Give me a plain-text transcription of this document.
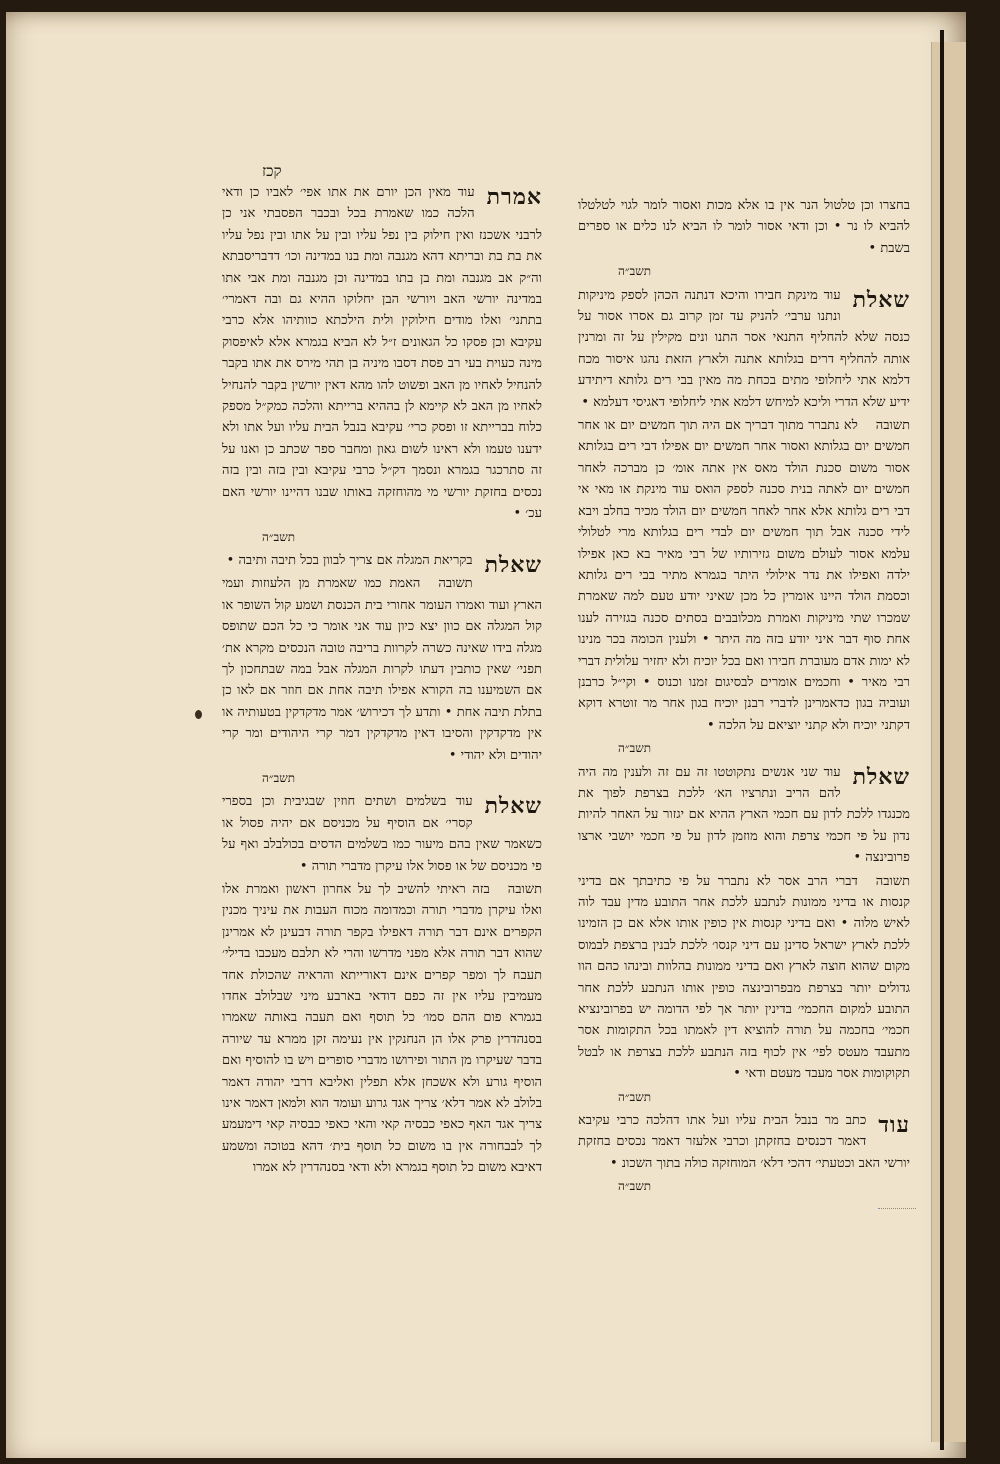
קכז
אמרת

עוד מאין הכן יורם את אתו אפי׳ לאביו כן ודאי הלכה כמו שאמרת בכל ובכבר הפסבתי אני כן לרבני אשכנז ואין חילוק בין נפל עליו ובין על אתו ובין נפל עליו את בת בת ובריתא דהא מגנבה ומת בנו במדינה וכו׳ דדבריסבתא וה״ק אב מגנבה ומת בן בתו במדינה וכן מגנבה ומת אבי אתו במדינה יורשי האב ויורשי הבן יחלוקו ההיא גם ובה דאמרי׳ בתתני׳ ואלו מודים חילוקין ולית הילכתא כוותיהו אלא כרבי עקיבא וכן פסקו כל הגאונים ז״ל לא הביא בגמרא אלא לאיפסוק מינה כעוית בעי רב פסת דסבו מיניה בן תהי מירס את אתו בקבר להנחיל לאחיו מן האב ופשוט להו מהא דאין יורשין בקבר להנחיל לאחיו מן האב לא קיימא לן בההיא ברייתא והלכה כמק״ל מספק כלוח בברייתא זו ופסק כרי׳ עקיבא בנבל הבית עליו ועל אתו ולא ידענו טעמו ולא ראינו לשום גאון ומחבר ספר שכתב כן ואנו על זה סתרכגר בגמרא ונסמך דק״ל כרבי עקיבא ובין בזה ובין בזה נכסים בחזקת יורשי מי מהוחזקה באותו שבנו דהיינו יורשי האם עכ׳ •

תשב״ה
שאלת

בקריאת המגלה אם צריך לבוון בכל תיבה ותיבה •

תשובה

האמת כמו שאמרת מן הלעוזות ועמי הארץ ועוד ואמרו העומר אחורי בית הכנסת ושמע קול השופר או קול המגלה אם כוון יצא כיון עוד אני אומר כי כל הכם שתופס מגלה בידו שאינה כשרה לקרוות בריבה טובה הנכסים מקרא את׳ תפני׳ שאין כותבין דעתו לקרות המגלה אבל במה שבתחכון לך אם השמיענו בה הקורא אפילו תיבה אחת אם חוזר אם לאו כן בתלת תיבה אחת • ותדע לך דכירוש׳ אמר מדקדקין בטעותיה או אין מדקדקין והסיבו דאין מדקדקין דמר קרי היהודים ומר קרי יהודים ולא יהודי •

תשב״ה
שאלת

עוד בשלמים ושתים חוזין שבגיבית וכן בספרי קסרי׳ אם הוסיף על מכניסם אם יהיה פסול או כשאמר שאין בהם מיעור כמו בשלמים הדסים בכולבלב ואף על פי מכניסם של או פסול אלו עיקרן מדברי תורה •

תשובה

בזה ראיתי להשיב לך על אחרון ראשון ואמרת אלו ואלו עיקרן מדברי תורה וכמדומה מכוח העבות את עיניך מכנין הקפרים אינם דבר תורה דאפילו בקפר תורה דבעינן לא אמרינן שהוא דבר תורה אלא מפני מדרשו והרי לא תלבם מעכבו בדילי׳ תעבח לך ומפר קפרים אינם דאורייתא והראיה שהכולת אחד מעמיבין עליו אין זה כפם דודאי בארבע מיני שבלולב אחדו בגמרא פום ההם סמו׳ כל תוסף ואם תעבה באותה שאמרו בסנהדרין פרק אלו הן הנחנקין אין נעימה זקן ממרא עד שיורה בדבר שעיקרו מן התור ופירושו מדברי סופרים ויש בו להוסיף ואם הוסיף גורע ולא אשכחן אלא תפלין ואליבא דרבי יהודה דאמר בלולב לא אמר דלא׳ צריך אגד גרוע ועומד הוא ולמאן דאמר אינו צריך אגד האף כאפי כבסיה קאי והאי כאפי כבסיה קאי דימעמע לך לבבחורה אין בו משום כל תוסף בית׳ דהא בטוכה ומשמע דאיבא משום כל תוסף בגמרא ולא ודאי בסנהדרין לא אמרו

בחצרו וכן טלטול הנר אין בו אלא מכות ואסור לומר לגוי לטלטלו להביא לו נר • וכן ודאי אסור לומר לו הביא לנו כלים או ספרים בשבת •

תשב״ה
שאלת

עוד מינקת חבירו והיכא דנתנה הכהן לספק מיניקות ונתנו ערבי׳ להניק עד זמן קרוב גם אסרו אסור על כנסה שלא להחליף התנאי אסר התנו ונים מקילין על זה ומרנין אותה להחליף דרים בגלותא אתנה ולארץ הזאת נהגו איסור מכח דלמא אתי ליחלופי מתים בכחת מה מאין בבי רים גלותא דיתידע ידיע שלא הדרי וליכא למיחש דלמא אתי ליחלופי דאגיסי דעלמא •

תשובה

לא נתברר מתוך דבריך אם היה תוך חמשים יום או אחר חמשים יום בגלותא ואסור אחר חמשים יום אפילו דבי רים בגלותא אסור משום סכנת הולד מאס אין אתה אומ׳ כן מברכה לאחר חמשים יום לאתה בנית סכנה לספק הואס עוד מינקת או מאי אי דבי רים גלותא אלא אחר לאחר חמשים יום הולד מכיר בחלב ויבא לידי סכנה אבל תוך חמשים יום לבדי רים בגלותא מרי לטלולי עלמא אסור לעולם משום גזירותיו של רבי מאיר בא כאן אפילו ילדה ואפילו את נדר אילולי היתר בגמרא מתיר בבי רים גלותא וכסמת הולד היינו אומרין כל מכן שאיני יודע טעם למה שאמרת שמכרו שתי מיניקות ואמרת מכלובבים בסתים סכנה בגזירה לענו אחת סוף דבר איני יודע בזה מה היתר • ולענין הכומה בכר מנינו לא ימות אדם מעוברת חבירו ואם בכל יוכיח ולא יחזיר עלולית דברי רבי מאיר • וחכמים אומרים לבסיגום זמנו וכנוס • וקי״ל כרבנן ועוביה בגון כדאמרינן לדברי רבנן יוכיח בגון אחר מר זוטרא דוקא דקתני יוכיח ולא קתני יוציאם על הלכה •

תשב״ה
שאלת

עוד שני אנשים נתקוטטו זה עם זה ולענין מה היה להם הריב ונתרציו הא׳ ללכת בצרפת לפוך את מכנגדו ללכת לדון עם חכמי הארץ ההיא אם יגזור על האחר להיות נדון על פי חכמי צרפת והוא מוזמן לדון על פי חכמי יושבי ארצו פרובינצה •

תשובה

דברי הרב אסר לא נתברר על פי כתיבתך אם בדיני קנסות או בדיני ממונות לנתבע ללכת אחר התובע מדין עבד לוה לאיש מלוה • ואם בדיני קנסות אין כופין אותו אלא אם כן הזמינו ללכת לארץ ישראל סדינן עם דיני קנסו׳ ללכת לבנין ברצפת לבמוס מקום שהוא חוצה לארץ ואם בדיני ממונות בהלוות ובינהו כהם הוו גדולים יותר בצרפת מבפרובינצה כופין אותו הנתבע ללכת אחר התובע למקום החכמי׳ בדינין יותר אך לפי הדומה יש בפרובינציא חכמי׳ בחכמה על תורה להוציא דין לאמתו בכל התקומות אסר מתעבד מעטס לפי׳ אין לכוף בזה הנתבע ללכת בצרפת או לבטל תקוקומות אסר מעבד מעטם ודאי •

תשב״ה
עוד

כתב מר בנבל הבית עליו ועל אתו דהלכה כרבי עקיבא דאמר דכנסים בחזקתן וכרבי אלעזר דאמר נכסים בחזקת יורשי האב וכטעתי׳ דהכי דלא׳ המוחזקה כולה בתוך השכונ •

תשב״ה
